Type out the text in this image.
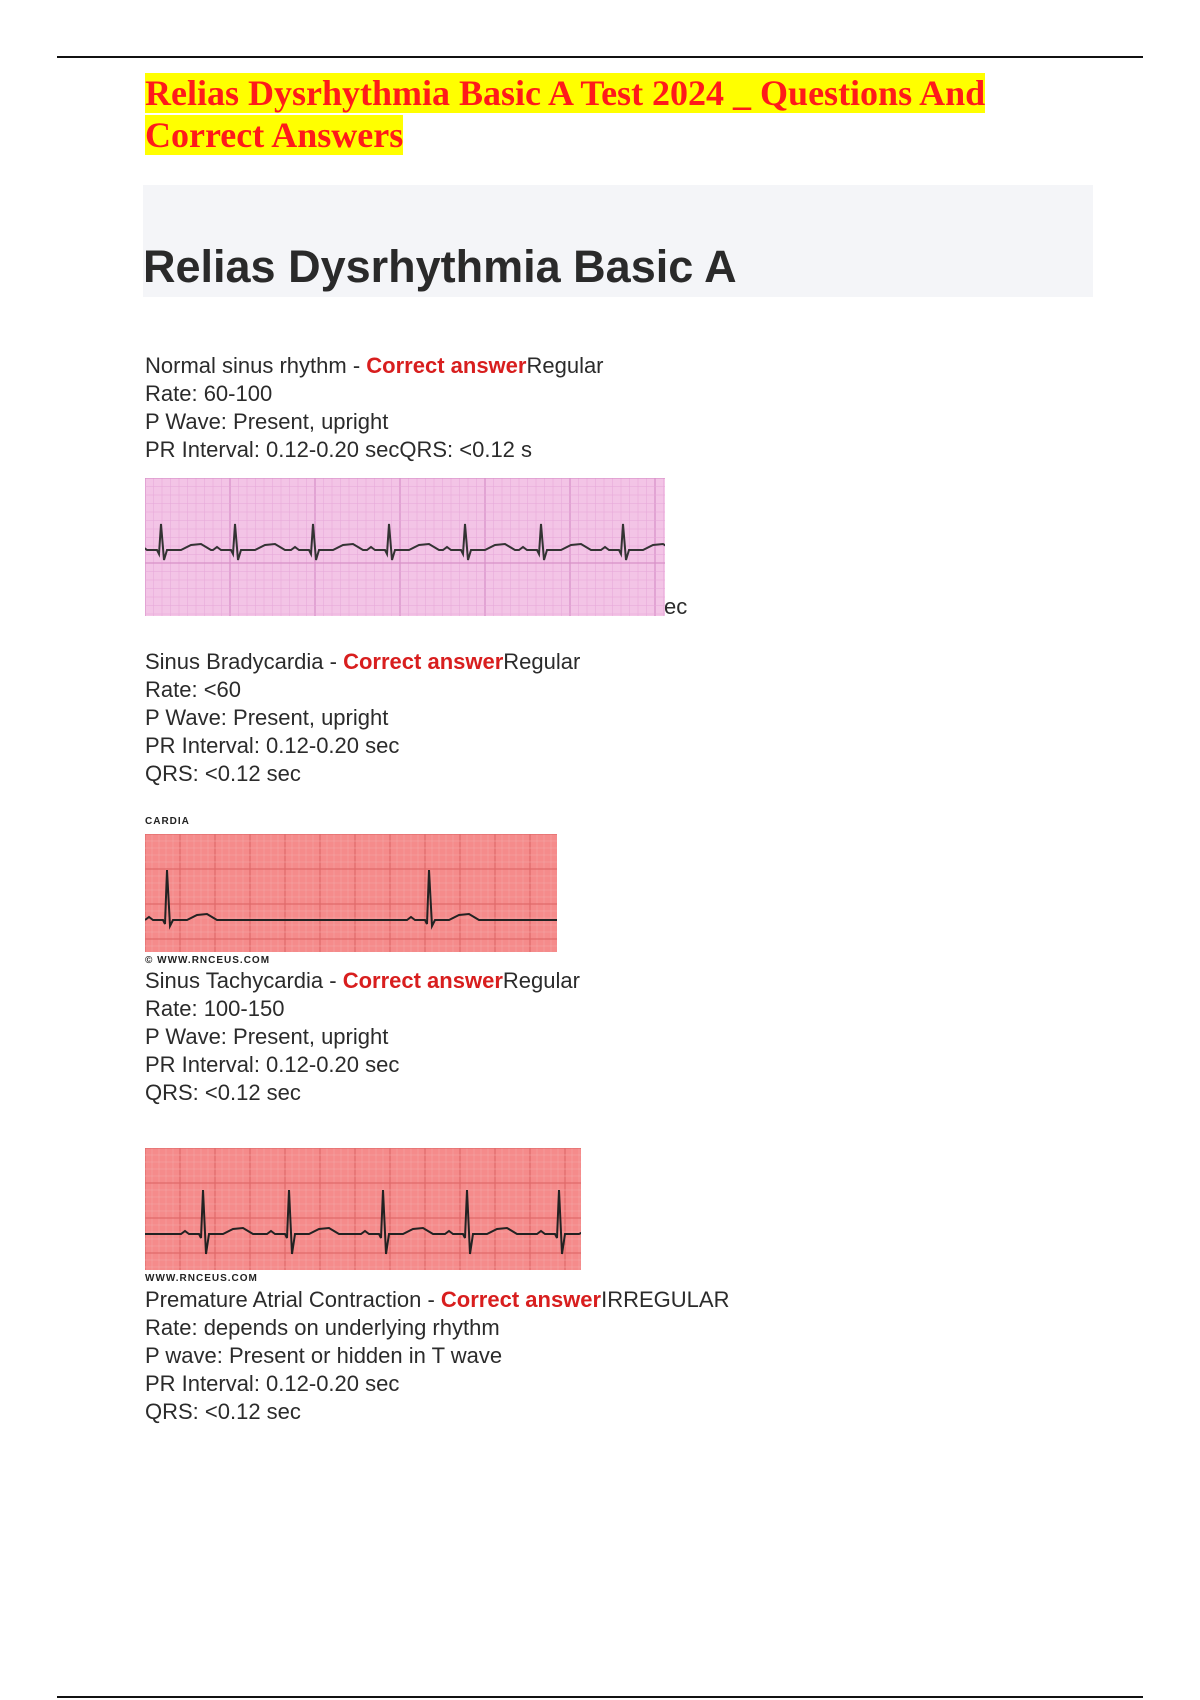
Relias Dysrhythmia Basic A Test 2024 _ Questions And
Correct Answers
Relias Dysrhythmia Basic A
Normal sinus rhythm - Correct answerRegular
Rate: 60-100
P Wave: Present, upright
PR Interval: 0.12-0.20 secQRS: <0.12 s
ec
Sinus Bradycardia - Correct answerRegular
Rate: <60
P Wave: Present, upright
PR Interval: 0.12-0.20 sec
QRS: <0.12 sec
CARDIA
© WWW.RNCEUS.COM
Sinus Tachycardia - Correct answerRegular
Rate: 100-150
P Wave: Present, upright
PR Interval: 0.12-0.20 sec
QRS: <0.12 sec
WWW.RNCEUS.COM
Premature Atrial Contraction - Correct answerIRREGULAR
Rate: depends on underlying rhythm
P wave: Present or hidden in T wave
PR Interval: 0.12-0.20 sec
QRS: <0.12 sec
